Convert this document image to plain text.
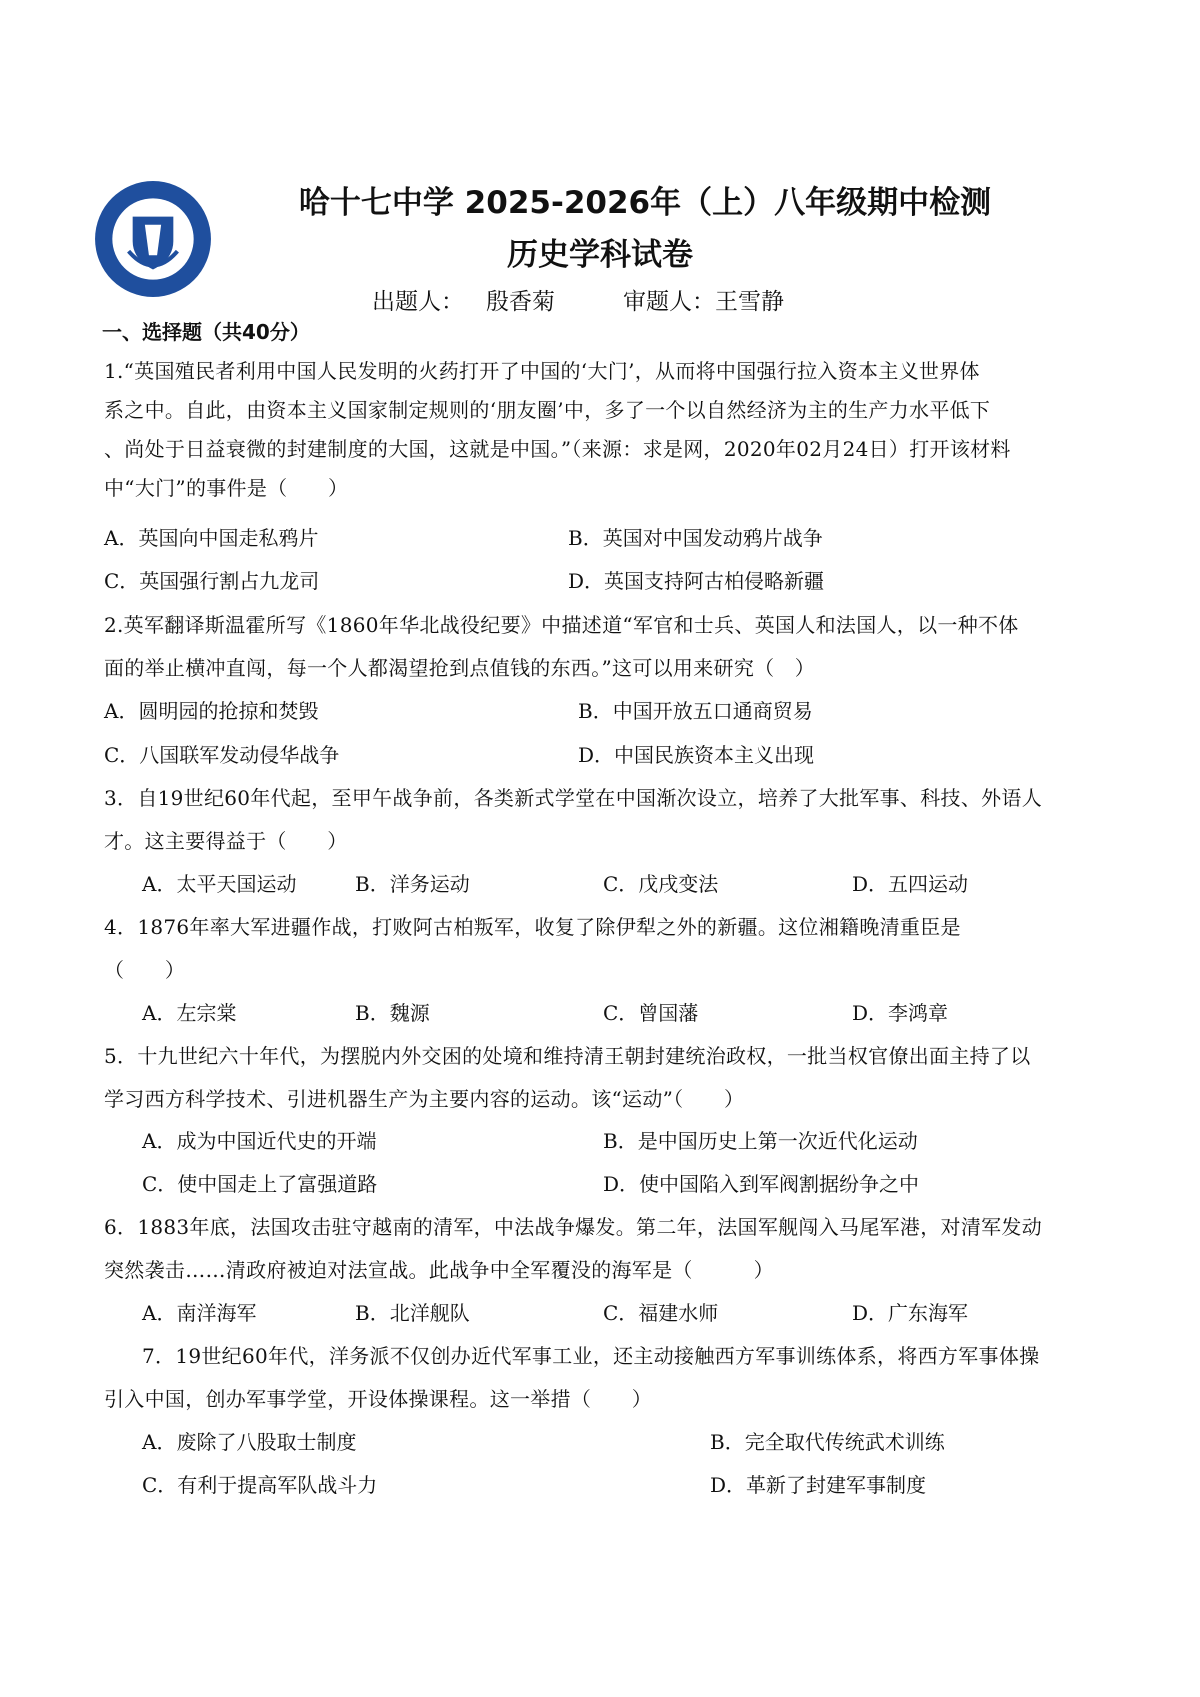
哈十七中学 2025-2026年（上）八年级期中检测
历史学科试卷
出题人： 殷香菊	审题人：王雪静
一、选择题（共40分）
1.“英国殖民者利用中国人民发明的火药打开了中国的‘大门’，从而将中国强行拉入资本主义世界体
系之中。自此，由资本主义国家制定规则的‘朋友圈’中，多了一个以自然经济为主的生产力水平低下
、尚处于日益衰微的封建制度的大国，这就是中国。”（来源：求是网，2020年02月24日）打开该材料
中“大门”的事件是（　　）
A．英国向中国走私鸦片	B．英国对中国发动鸦片战争
C．英国强行割占九龙司	D．英国支持阿古柏侵略新疆
2.英军翻译斯温霍所写《1860年华北战役纪要》中描述道“军官和士兵、英国人和法国人，以一种不体
面的举止横冲直闯，每一个人都渴望抢到点值钱的东西。”这可以用来研究（　）
A．圆明园的抢掠和焚毁	B．中国开放五口通商贸易
C．八国联军发动侵华战争	D．中国民族资本主义出现
3．自19世纪60年代起，至甲午战争前，各类新式学堂在中国渐次设立，培养了大批军事、科技、外语人
才。这主要得益于（　　）
A．太平天国运动	B．洋务运动	C．戊戌变法	D．五四运动
4．1876年率大军进疆作战，打败阿古柏叛军，收复了除伊犁之外的新疆。这位湘籍晚清重臣是
（　　）
A．左宗棠	B．魏源	C．曾国藩	D．李鸿章
5．十九世纪六十年代，为摆脱内外交困的处境和维持清王朝封建统治政权，一批当权官僚出面主持了以
学习西方科学技术、引进机器生产为主要内容的运动。该“运动”（　　）
A．成为中国近代史的开端	B．是中国历史上第一次近代化运动
C．使中国走上了富强道路	D．使中国陷入到军阀割据纷争之中
6．1883年底，法国攻击驻守越南的清军，中法战争爆发。第二年，法国军舰闯入马尾军港，对清军发动
突然袭击……清政府被迫对法宣战。此战争中全军覆没的海军是（　　　）
A．南洋海军	B．北洋舰队	C．福建水师	D．广东海军
7．19世纪60年代，洋务派不仅创办近代军事工业，还主动接触西方军事训练体系，将西方军事体操
引入中国，创办军事学堂，开设体操课程。这一举措（　　）
A．废除了八股取士制度	B．完全取代传统武术训练
C．有利于提高军队战斗力	D．革新了封建军事制度
